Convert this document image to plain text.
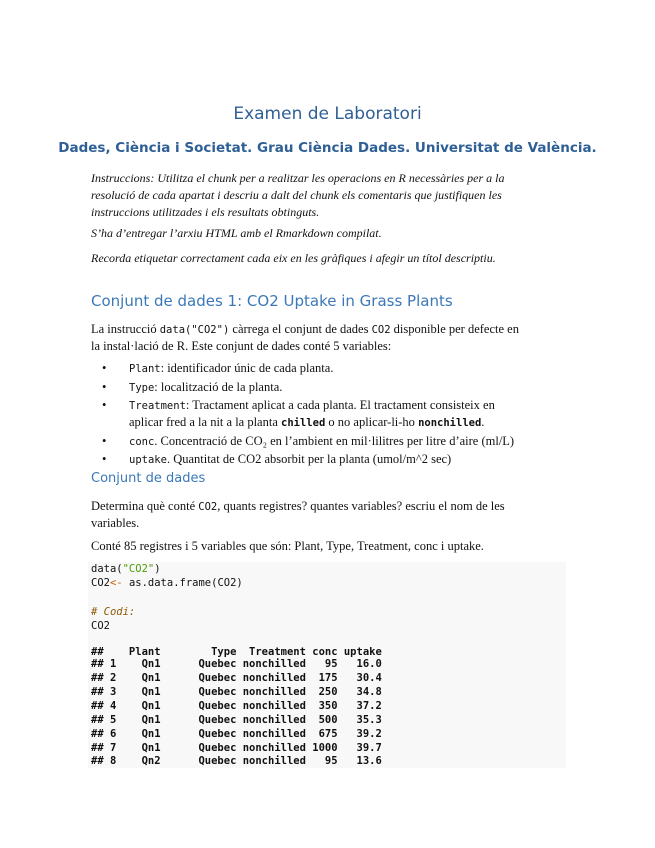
Examen de Laboratori
Dades, Ciència i Societat. Grau Ciència Dades. Universitat de València.
Instruccions: Utilitza el chunk per a realitzar les operacions en R necessàries per a la
resolució de cada apartat i descriu a dalt del chunk els comentaris que justifiquen les
instruccions utilitzades i els resultats obtinguts.
S’ha d’entregar l’arxiu HTML amb el Rmarkdown compilat.
Recorda etiquetar correctament cada eix en les gràfiques i afegir un títol descriptiu.
Conjunt de dades 1: CO2 Uptake in Grass Plants
La instrucció data("CO2") càrrega el conjunt de dades CO2 disponible per defecte en
la instal·lació de R. Este conjunt de dades conté 5 variables:
• Plant: identificador únic de cada planta.
• Type: localització de la planta.
• Treatment: Tractament aplicat a cada planta. El tractament consisteix en
aplicar fred a la nit a la planta chilled o no aplicar-li-ho nonchilled.
• conc. Concentració de CO₂ en l’ambient en mil·lilitres per litre d’aire (ml/L)
• uptake. Quantitat de CO2 absorbit per la planta (umol/m^2 sec)
Conjunt de dades
Determina què conté CO2, quants registres? quantes variables? escriu el nom de les
variables.
Conté 85 registres i 5 variables que són: Plant, Type, Treatment, conc i uptake.
data("CO2")
CO2<- as.data.frame(CO2)
# Codi:
CO2
##    Plant        Type  Treatment conc uptake
## 1    Qn1      Quebec nonchilled   95   16.0
## 2    Qn1      Quebec nonchilled  175   30.4
## 3    Qn1      Quebec nonchilled  250   34.8
## 4    Qn1      Quebec nonchilled  350   37.2
## 5    Qn1      Quebec nonchilled  500   35.3
## 6    Qn1      Quebec nonchilled  675   39.2
## 7    Qn1      Quebec nonchilled 1000   39.7
## 8    Qn2      Quebec nonchilled   95   13.6
